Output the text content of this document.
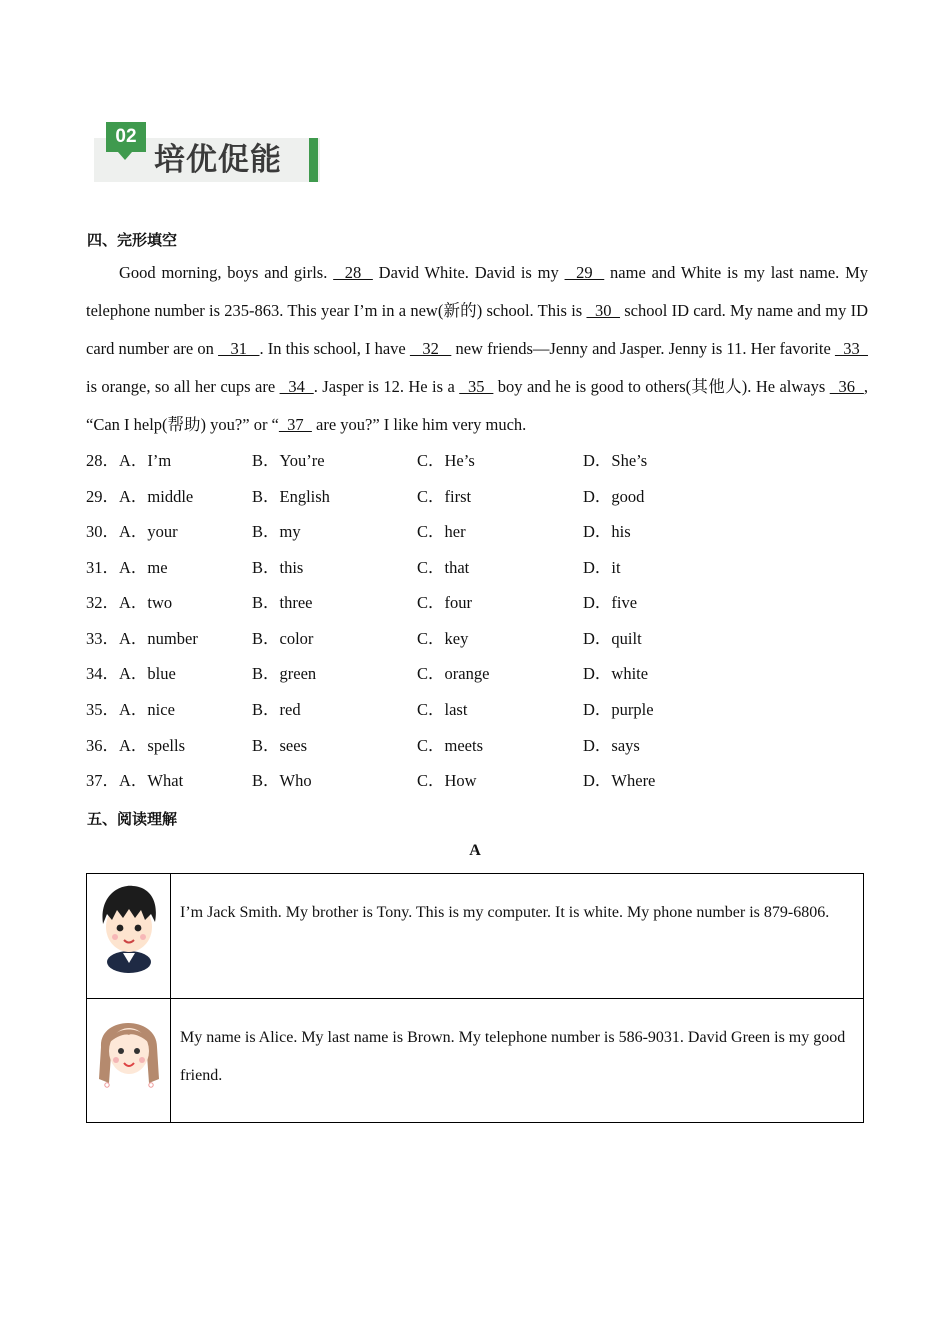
02
培优促能
四、完形填空

Good morning, boys and girls.   28   David White. David is my   29   name and White is my last name. My telephone number is 235-863. This year I’m in a new(新的) school. This is   30   school ID card. My name and my ID card number are on    31   . In this school, I have    32    new friends—Jenny and Jasper. Jenny is 11. Her favorite   33   is orange, so all her cups are   34  . Jasper is 12. He is a   35   boy and he is good to others(其他人). He always   36  , “Can I help(帮助) you?” or “  37   are you?” I like him very much.

28． A．I’m	B．You’re	C．He’s	D．She’s
29． A．middle	B．English	C．first	D．good
30． A．your	B．my	C．her	D．his
31． A．me	B．this	C．that	D．it
32． A．two	B．three	C．four	D．five
33． A．number	B．color	C．key	D．quilt
34． A．blue	B．green	C．orange	D．white
35． A．nice	B．red	C．last	D．purple
36． A．spells	B．sees	C．meets	D．says
37． A．What	B．Who	C．How	D．Where
五、阅读理解
A
I’m Jack Smith. My brother is Tony. This is my computer. It is white. My phone number is 879-6806.
My name is Alice. My last name is Brown. My telephone number is 586-9031. David Green is my good friend.
